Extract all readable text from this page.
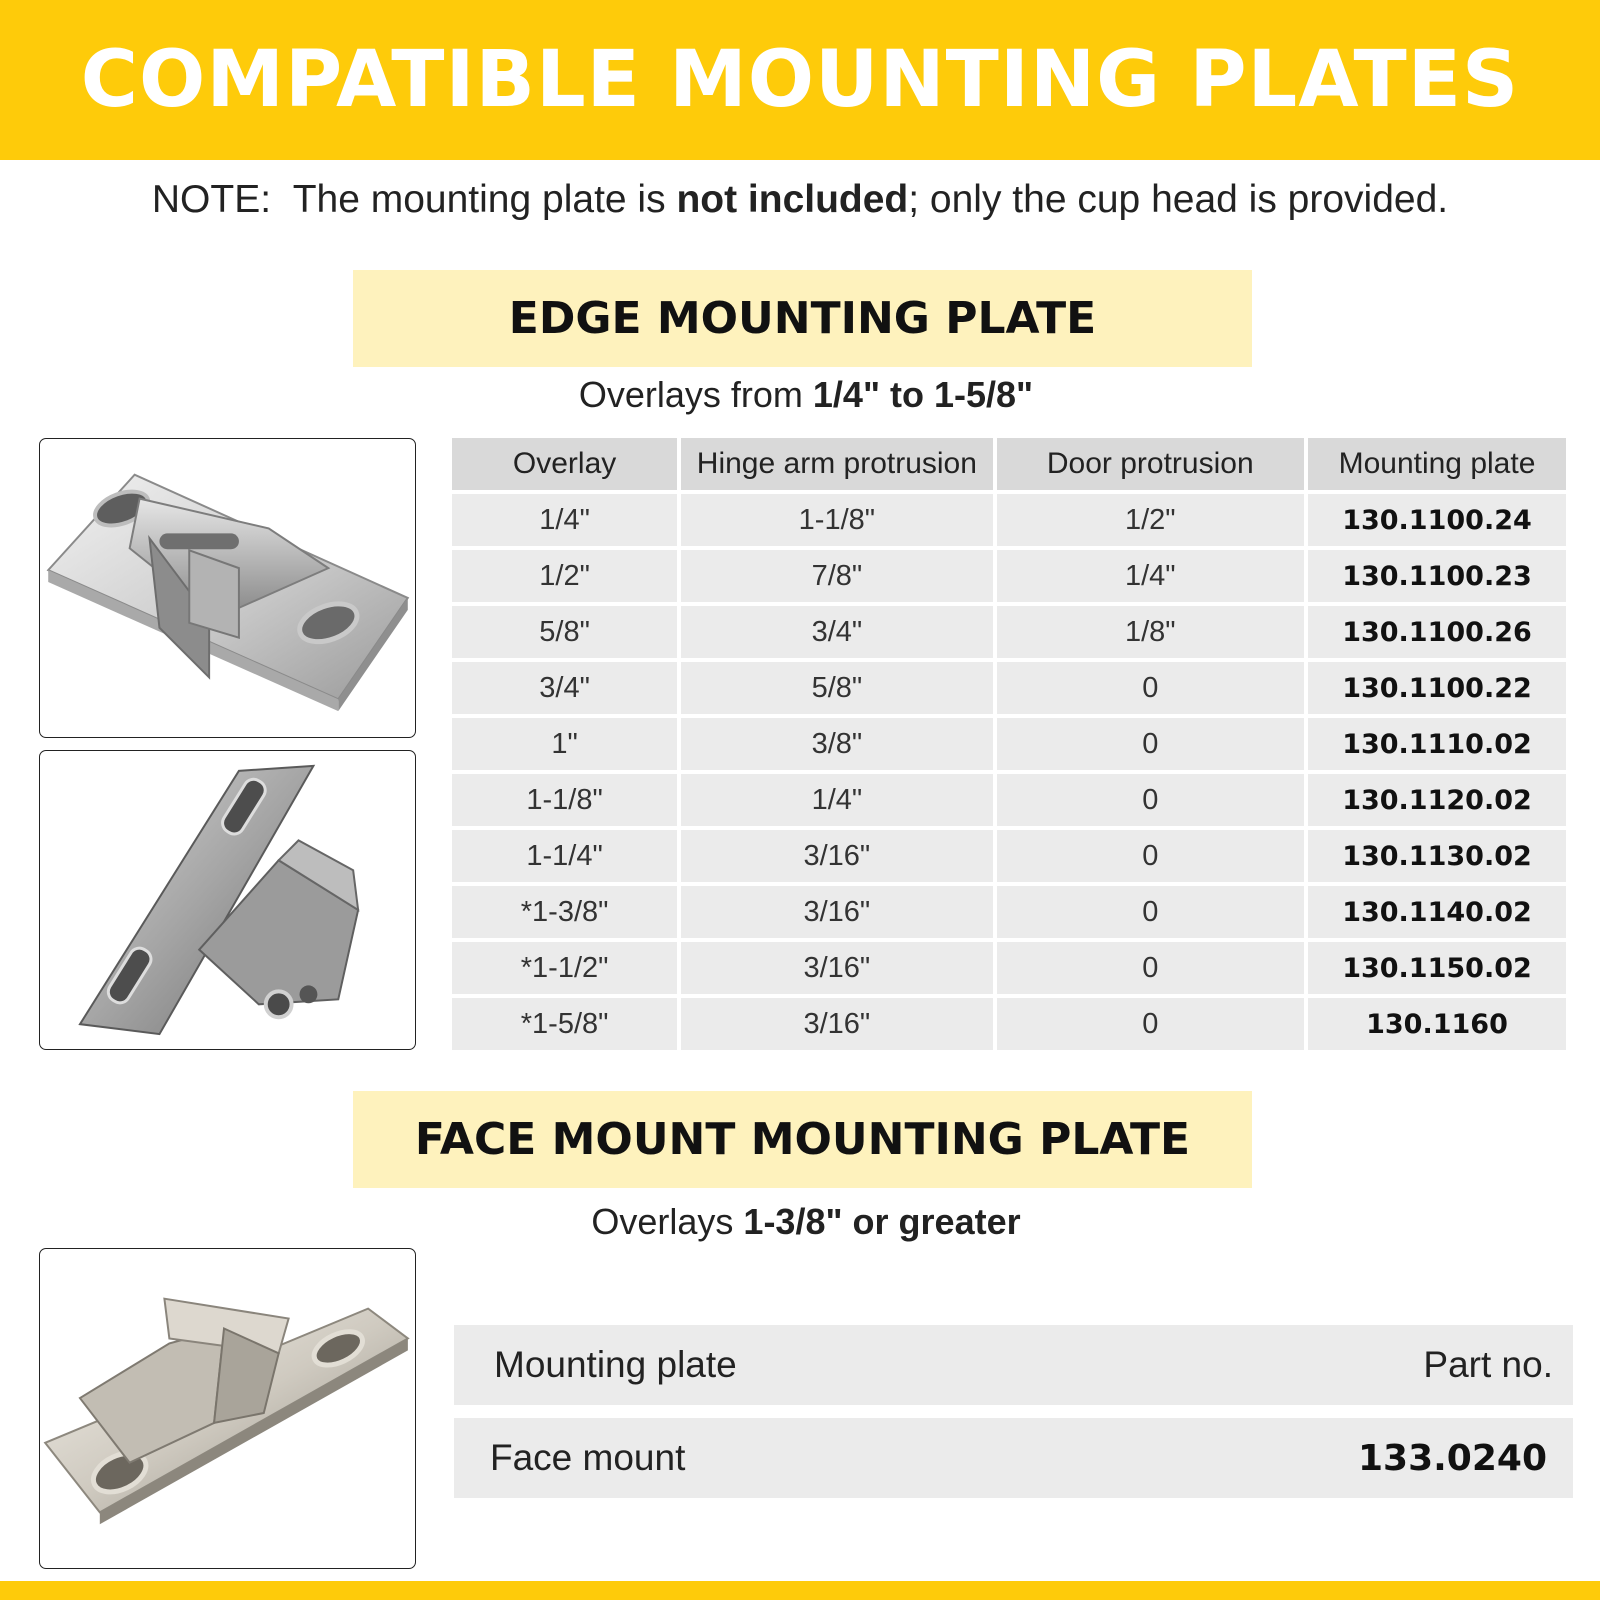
COMPATIBLE MOUNTING PLATES
NOTE:  The mounting plate is not included; only the cup head is provided.
EDGE MOUNTING PLATE
Overlays from 1/4" to 1-5/8"
Overlay	Hinge arm protrusion	Door protrusion	Mounting plate
1/4"	1-1/8"	1/2"	130.1100.24
1/2"	7/8"	1/4"	130.1100.23
5/8"	3/4"	1/8"	130.1100.26
3/4"	5/8"	0	130.1100.22
1"	3/8"	0	130.1110.02
1-1/8"	1/4"	0	130.1120.02
1-1/4"	3/16"	0	130.1130.02
*1-3/8"	3/16"	0	130.1140.02
*1-1/2"	3/16"	0	130.1150.02
*1-5/8"	3/16"	0	130.1160
FACE MOUNT MOUNTING PLATE
Overlays 1-3/8" or greater
Mounting plate	Part no.
Face mount	133.0240
